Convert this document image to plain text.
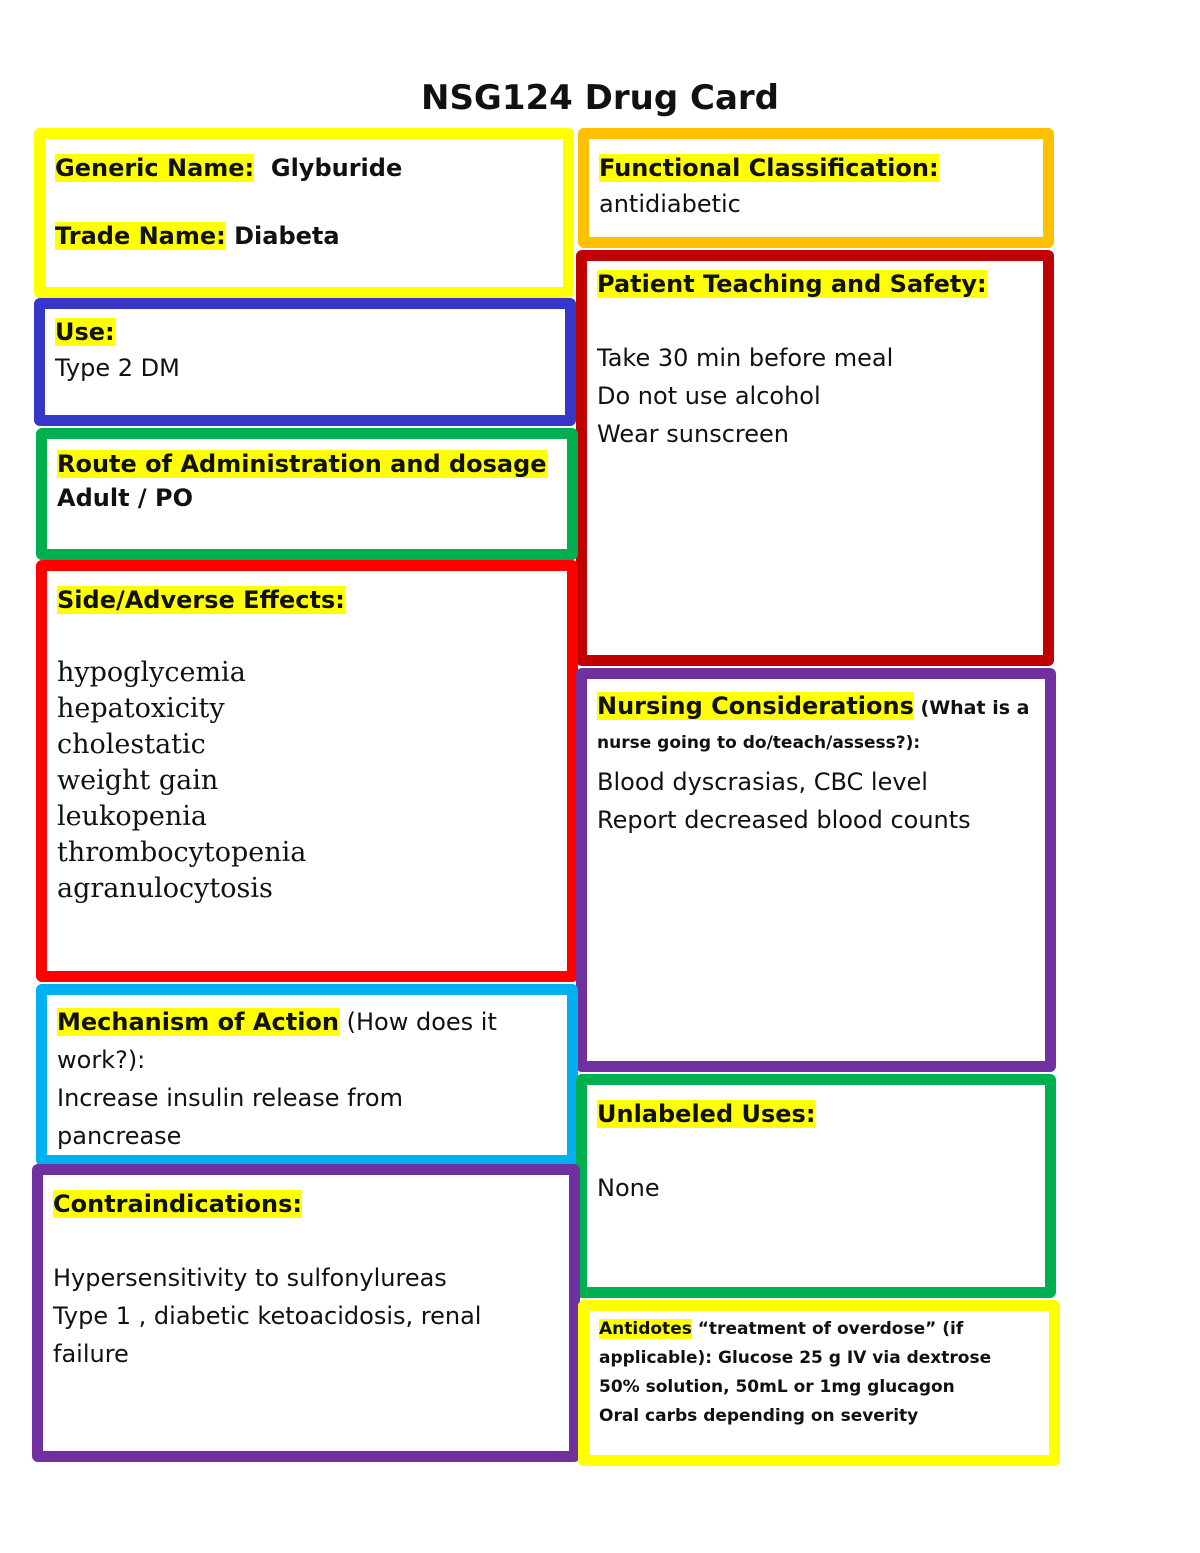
NSG124 Drug Card
Generic Name: Glyburide
Trade Name: Diabeta
Functional Classification:
antidiabetic
Use:
Type 2 DM
Patient Teaching and Safety:
Take 30 min before meal
Do not use alcohol
Wear sunscreen
Route of Administration and dosage
Adult / PO
Side/Adverse Effects:
hypoglycemia
hepatoxicity
cholestatic
weight gain
leukopenia
thrombocytopenia
agranulocytosis
Nursing Considerations (What is a
nurse going to do/teach/assess?):
Blood dyscrasias, CBC level
Report decreased blood counts
Mechanism of Action (How does it
work?):
Increase insulin release from
pancrease
Unlabeled Uses:
None
Contraindications:
Hypersensitivity to sulfonylureas
Type 1 , diabetic ketoacidosis, renal
failure
Antidotes “treatment of overdose” (if
applicable): Glucose 25 g IV via dextrose
50% solution, 50mL or 1mg glucagon
Oral carbs depending on severity
